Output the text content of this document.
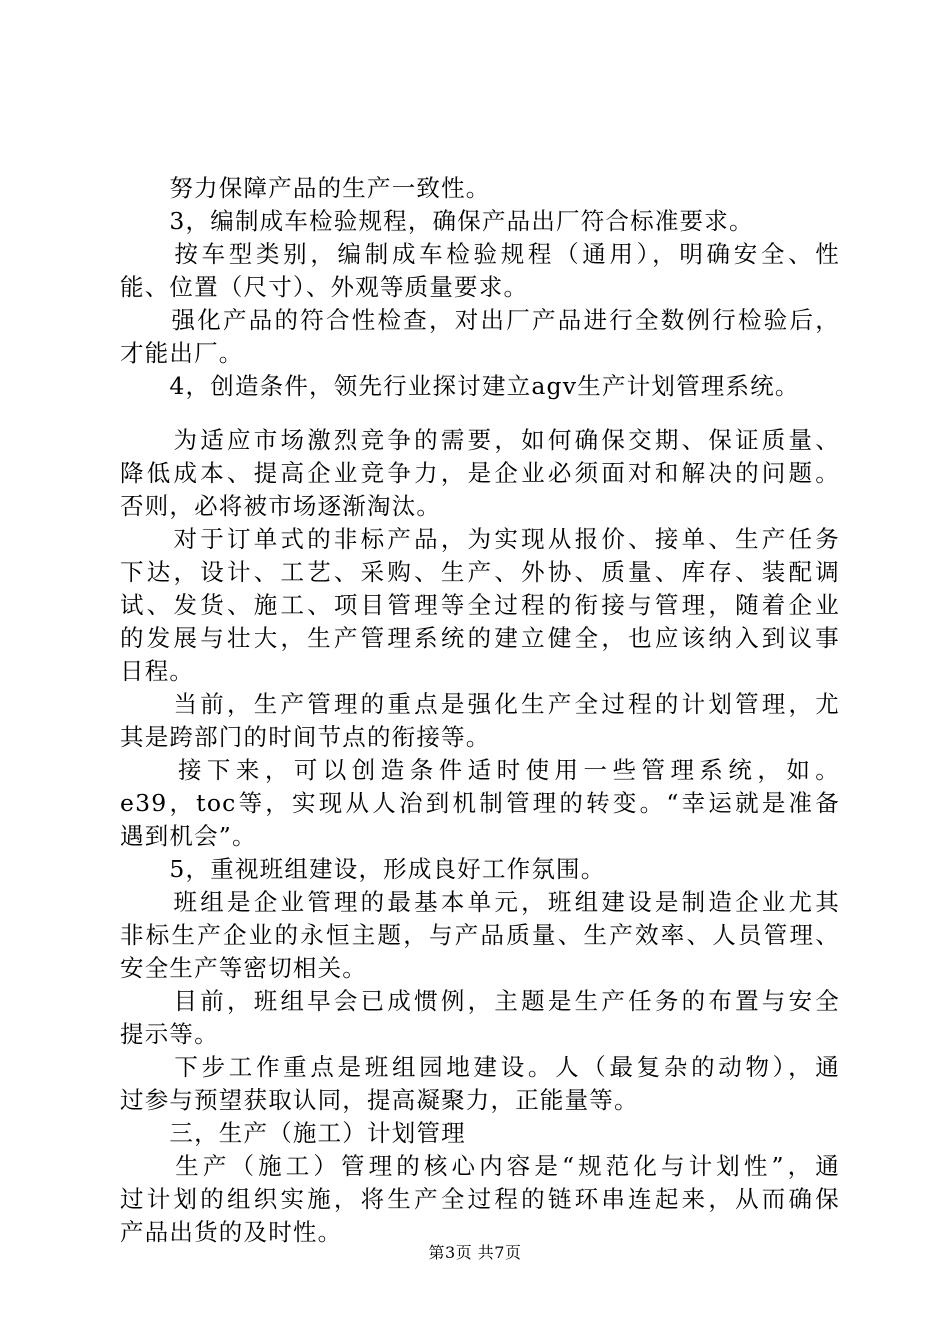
　　努力保障产品的生产一致性。
　　3，编制成车检验规程，确保产品出厂符合标准要求。
　　按车型类别，编制成车检验规程（通用），明确安全、性
能、位置（尺寸）、外观等质量要求。
　　强化产品的符合性检查，对出厂产品进行全数例行检验后，
才能出厂。
　　4，创造条件，领先行业探讨建立agv生产计划管理系统。
　　为适应市场激烈竞争的需要，如何确保交期、保证质量、
降低成本、提高企业竞争力，是企业必须面对和解决的问题。
否则，必将被市场逐渐淘汰。
　　对于订单式的非标产品，为实现从报价、接单、生产任务
下达，设计、工艺、采购、生产、外协、质量、库存、装配调
试、发货、施工、项目管理等全过程的衔接与管理，随着企业
的发展与壮大，生产管理系统的建立健全，也应该纳入到议事
日程。
　　当前，生产管理的重点是强化生产全过程的计划管理，尤
其是跨部门的时间节点的衔接等。
　　接下来，可以创造条件适时使用一些管理系统，如。
e39，toc等，实现从人治到机制管理的转变。“幸运就是准备
遇到机会”。
　　5，重视班组建设，形成良好工作氛围。
　　班组是企业管理的最基本单元，班组建设是制造企业尤其
非标生产企业的永恒主题，与产品质量、生产效率、人员管理、
安全生产等密切相关。
　　目前，班组早会已成惯例，主题是生产任务的布置与安全
提示等。
　　下步工作重点是班组园地建设。人（最复杂的动物），通
过参与预望获取认同，提高凝聚力，正能量等。
　　三，生产（施工）计划管理
　　生产（施工）管理的核心内容是“规范化与计划性”，通
过计划的组织实施，将生产全过程的链环串连起来，从而确保
产品出货的及时性。
第3页 共7页
